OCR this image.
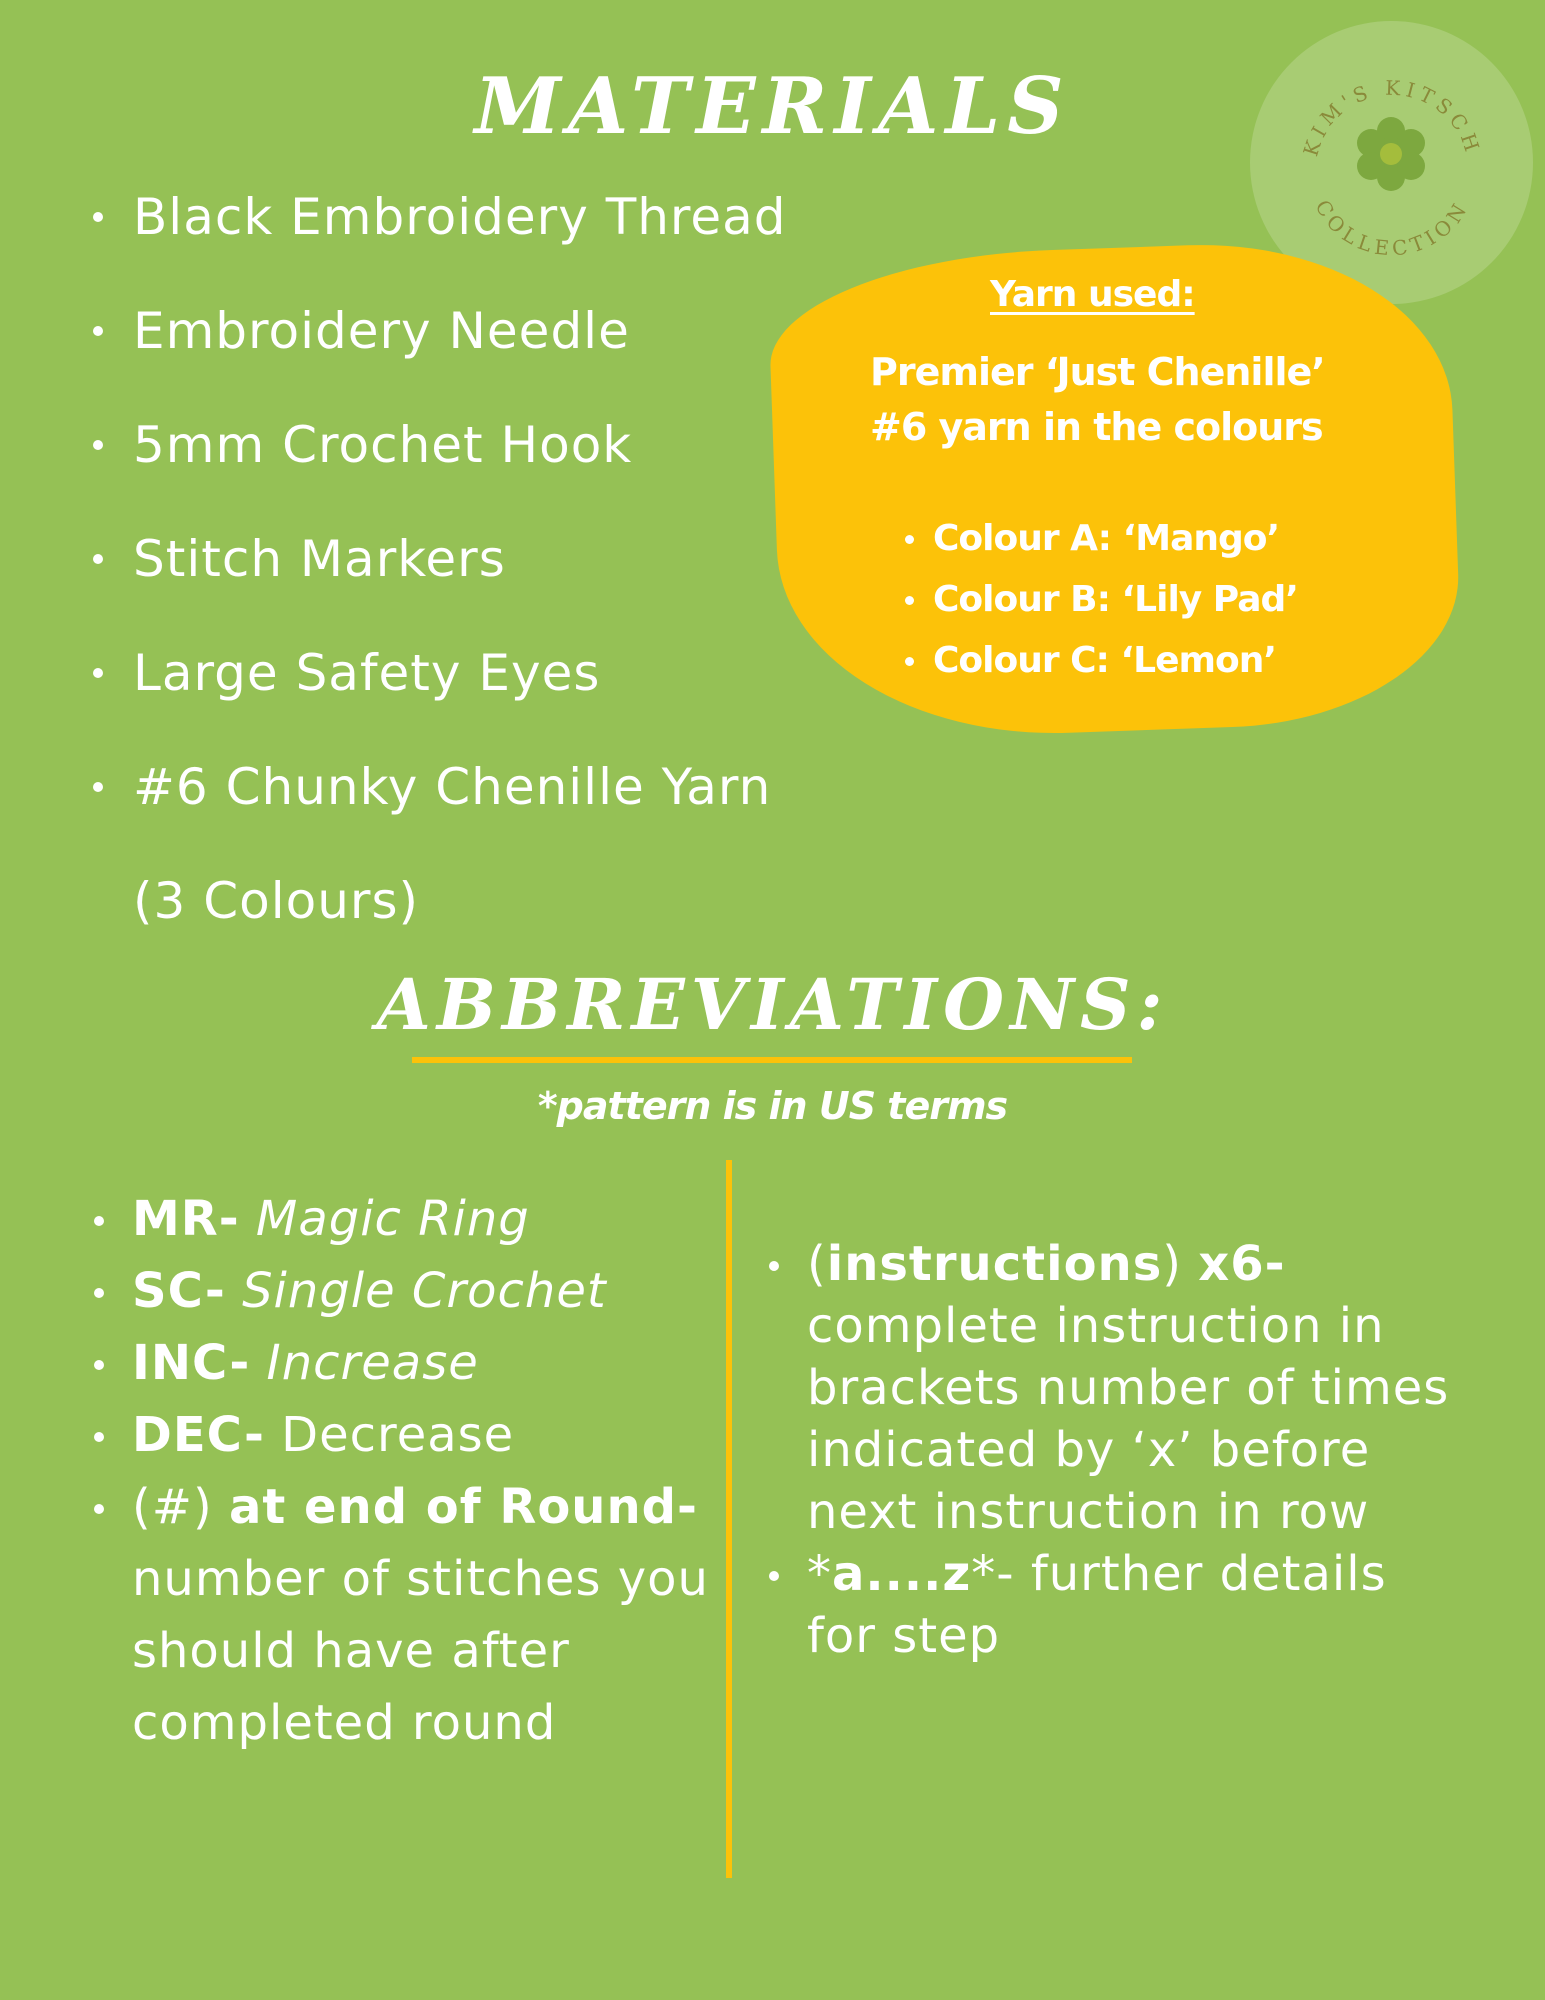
MATERIALS
Black Embroidery Thread
Embroidery Needle
5mm Crochet Hook
Stitch Markers
Large Safety Eyes
#6 Chunky Chenille Yarn
(3 Colours)
KIM'S KITSCH
COLLECTION
Yarn used:
Premier ‘Just Chenille’ #6 yarn in the colours
Colour A: ‘Mango’
Colour B: ‘Lily Pad’
Colour C: ‘Lemon’
ABBREVIATIONS:
*pattern is in US terms
MR- Magic Ring
SC- Single Crochet
INC- Increase
DEC- Decrease
(#) at end of Round- number of stitches you should have after completed round
(instructions) x6- complete instruction in brackets number of times indicated by ‘x’ before next instruction in row
*a....z*- further details for step
